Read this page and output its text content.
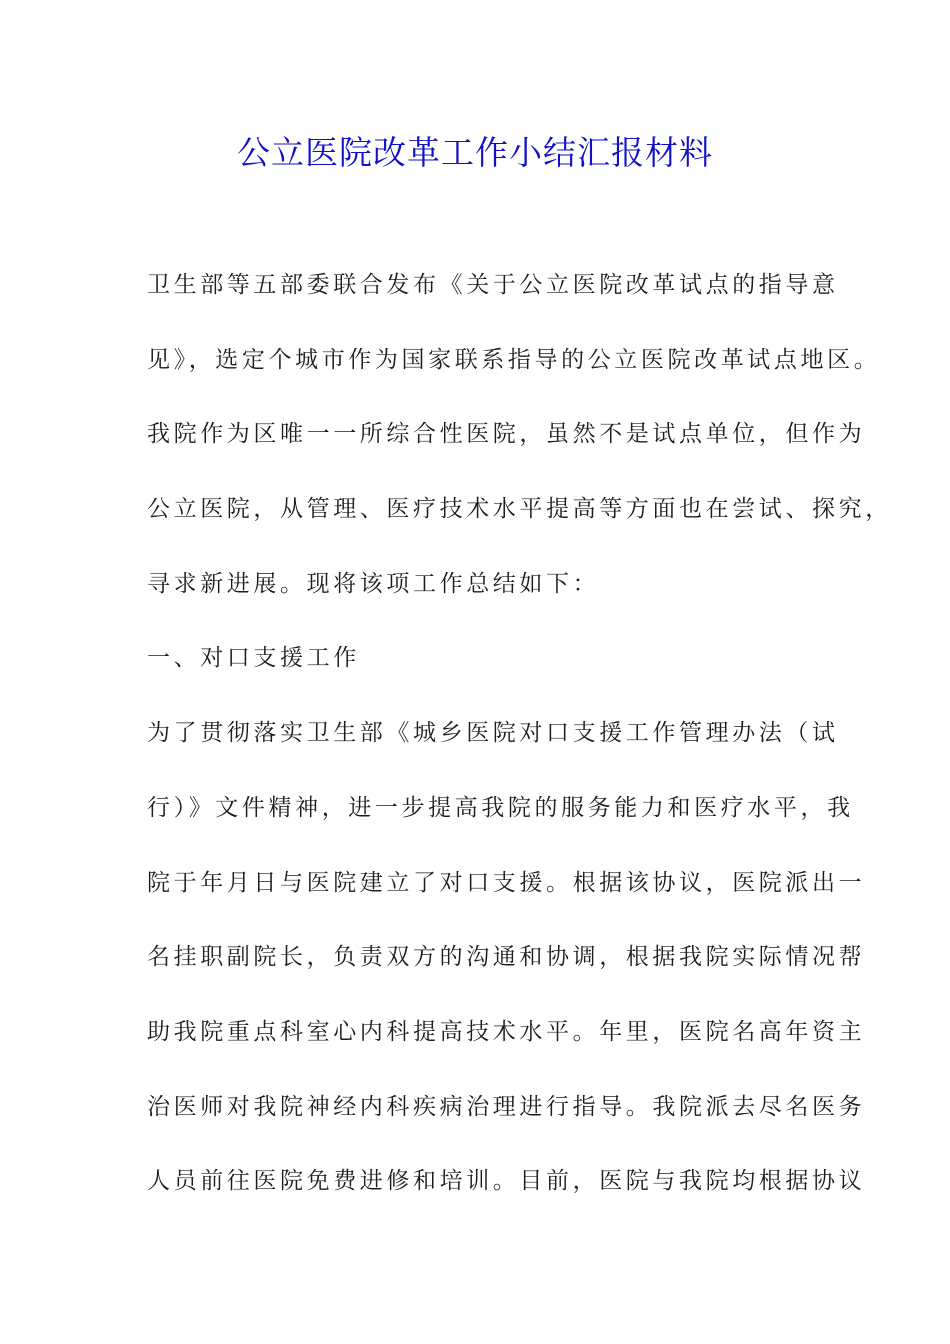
公立医院改革工作小结汇报材料
卫生部等五部委联合发布《关于公立医院改革试点的指导意
见》，选定个城市作为国家联系指导的公立医院改革试点地区。
我院作为区唯一一所综合性医院，虽然不是试点单位，但作为
公立医院，从管理、医疗技术水平提高等方面也在尝试、探究，
寻求新进展。现将该项工作总结如下：
一、对口支援工作
为了贯彻落实卫生部《城乡医院对口支援工作管理办法（试
行）》文件精神，进一步提高我院的服务能力和医疗水平，我
院于年月日与医院建立了对口支援。根据该协议，医院派出一
名挂职副院长，负责双方的沟通和协调，根据我院实际情况帮
助我院重点科室心内科提高技术水平。年里，医院名高年资主
治医师对我院神经内科疾病治理进行指导。我院派去尽名医务
人员前往医院免费进修和培训。目前，医院与我院均根据协议
